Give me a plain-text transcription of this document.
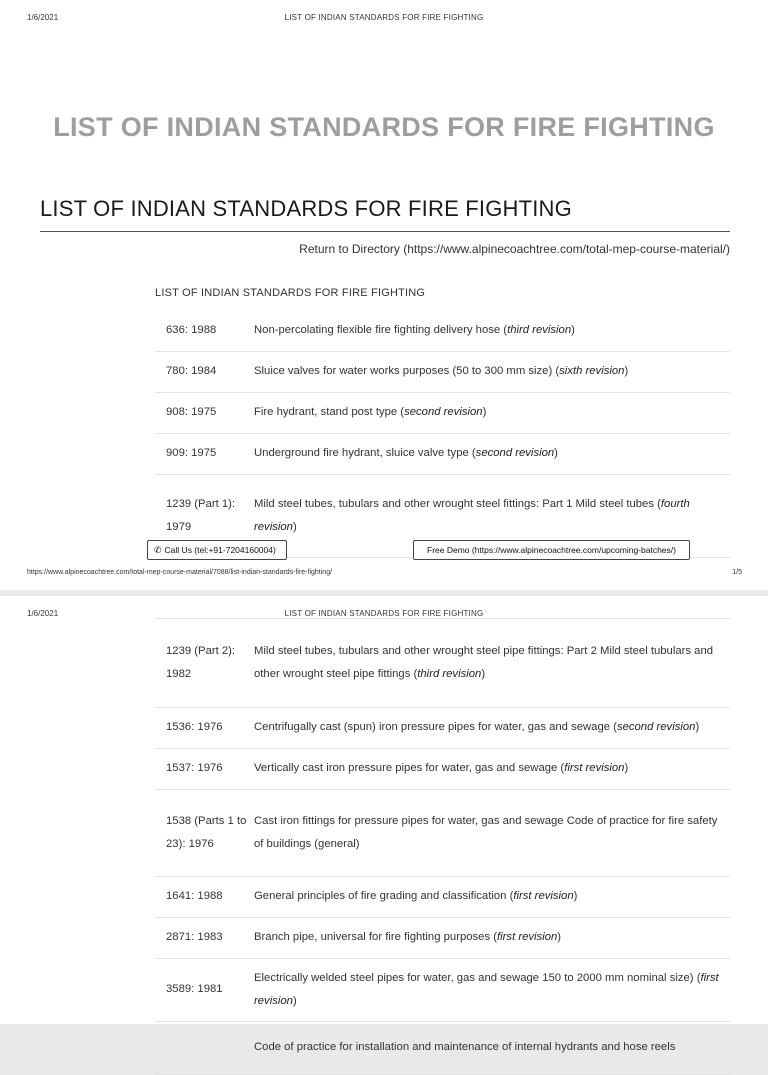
1/6/2021	LIST OF INDIAN STANDARDS FOR FIRE FIGHTING
LIST OF INDIAN STANDARDS FOR FIRE FIGHTING
LIST OF INDIAN STANDARDS FOR FIRE FIGHTING
Return to Directory (https://www.alpinecoachtree.com/total-mep-course-material/)
LIST OF INDIAN STANDARDS FOR FIRE FIGHTING
636: 1988	Non-percolating flexible fire fighting delivery hose (third revision)
780: 1984	Sluice valves for water works purposes (50 to 300 mm size) (sixth revision)
908: 1975	Fire hydrant, stand post type (second revision)
909: 1975	Underground fire hydrant, sluice valve type (second revision)
1239 (Part 1): 1979	Mild steel tubes, tubulars and other wrought steel fittings: Part 1 Mild steel tubes (fourth revision)
✆ Call Us (tel:+91-7204160004)	Free Demo (https://www.alpinecoachtree.com/upcoming-batches/)
https://www.alpinecoachtree.com/total-mep-course-material/7088/list-indian-standards-fire-fighting/	1/5
1/6/2021	LIST OF INDIAN STANDARDS FOR FIRE FIGHTING
1239 (Part 2): 1982	Mild steel tubes, tubulars and other wrought steel pipe fittings: Part 2 Mild steel tubulars and other wrought steel pipe fittings (third revision)
1536: 1976	Centrifugally cast (spun) iron pressure pipes for water, gas and sewage (second revision)
1537: 1976	Vertically cast iron pressure pipes for water, gas and sewage (first revision)
1538 (Parts 1 to 23): 1976	Cast iron fittings for pressure pipes for water, gas and sewage Code of practice for fire safety of buildings (general)
1641: 1988	General principles of fire grading and classification (first revision)
2871: 1983	Branch pipe, universal for fire fighting purposes (first revision)
3589: 1981	Electrically welded steel pipes for water, gas and sewage 150 to 2000 mm nominal size) (first revision)
	Code of practice for installation and maintenance of internal hydrants and hose reels
